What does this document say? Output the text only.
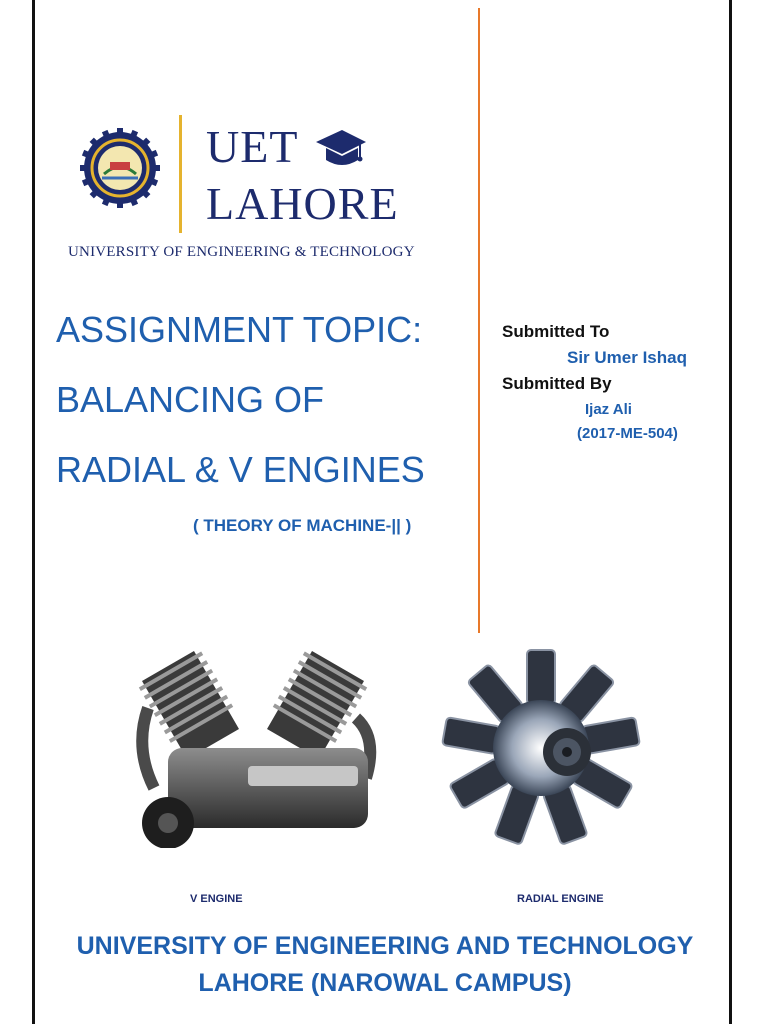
UET
LAHORE
UNIVERSITY OF ENGINEERING & TECHNOLOGY
ASSIGNMENT TOPIC:
BALANCING OF
RADIAL & V ENGINES
( THEORY OF MACHINE-|| )
Submitted To
Sir Umer Ishaq
Submitted By
Ijaz Ali
(2017-ME-504)
V ENGINE	RADIAL ENGINE
UNIVERSITY OF ENGINEERING AND TECHNOLOGY
LAHORE (NAROWAL CAMPUS)
